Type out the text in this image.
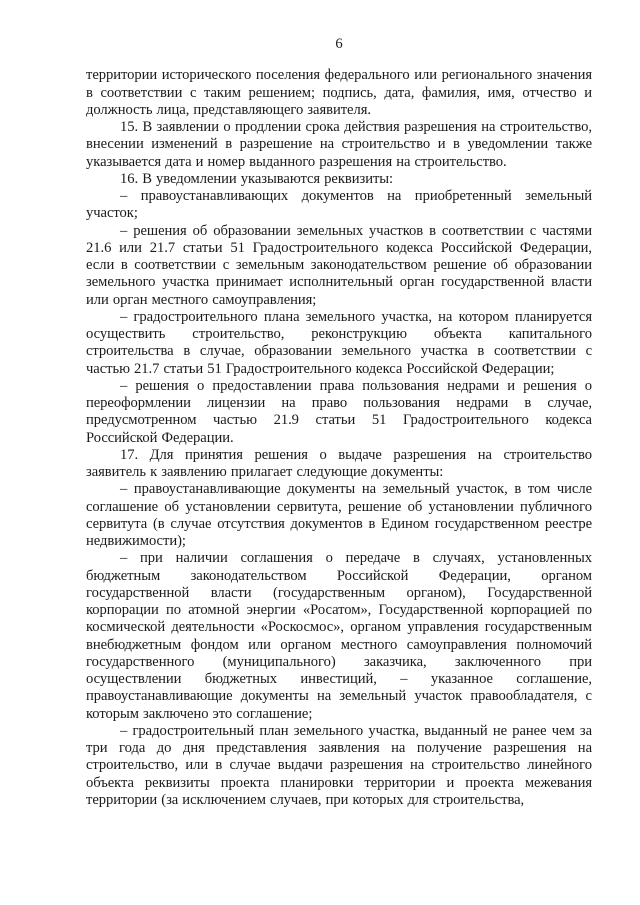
6

территории исторического поселения федерального или регионального значения в соответствии с таким решением; подпись, дата, фамилия, имя, отчество и должность лица, представляющего заявителя.

15. В заявлении о продлении срока действия разрешения на строительство, внесении изменений в разрешение на строительство и в уведомлении также указывается дата и номер выданного разрешения на строительство.

16. В уведомлении указываются реквизиты:

– правоустанавливающих документов на приобретенный земельный участок;

– решения об образовании земельных участков в соответствии с частями 21.6 или 21.7 статьи 51 Градостроительного кодекса Российской Федерации, если в соответствии с земельным законодательством решение об образовании земельного участка принимает исполнительный орган государственной власти или орган местного самоуправления;

– градостроительного плана земельного участка, на котором планируется осуществить строительство, реконструкцию объекта капитального строительства в случае, образовании земельного участка в соответствии с частью 21.7 статьи 51 Градостроительного кодекса Российской Федерации;

– решения о предоставлении права пользования недрами и решения о переоформлении лицензии на право пользования недрами в случае, предусмотренном частью 21.9 статьи 51 Градостроительного кодекса Российской Федерации.

17. Для принятия решения о выдаче разрешения на строительство заявитель к заявлению прилагает следующие документы:

– правоустанавливающие документы на земельный участок, в том числе соглашение об установлении сервитута, решение об установлении публичного сервитута (в случае отсутствия документов в Едином государственном реестре недвижимости);

– при наличии соглашения о передаче в случаях, установленных бюджетным законодательством Российской Федерации, органом государственной власти (государственным органом), Государственной корпорации по атомной энергии «Росатом», Государственной корпорацией по космической деятельности «Роскосмос», органом управления государственным внебюджетным фондом или органом местного самоуправления полномочий государственного (муниципального) заказчика, заключенного при осуществлении бюджетных инвестиций, – указанное соглашение, правоустанавливающие документы на земельный участок правообладателя, с которым заключено это соглашение;

– градостроительный план земельного участка, выданный не ранее чем за три года до дня представления заявления на получение разрешения на строительство, или в случае выдачи разрешения на строительство линейного объекта реквизиты проекта планировки территории и проекта межевания территории (за исключением случаев, при которых для строительства,
